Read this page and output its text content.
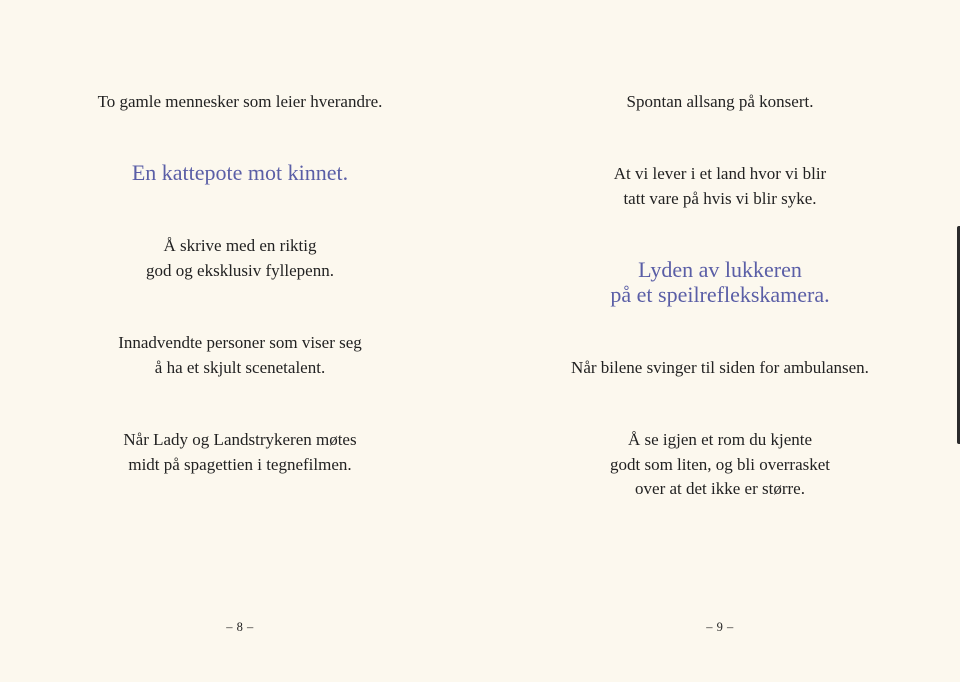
To gamle mennesker som leier hverandre.
En kattepote mot kinnet.
Å skrive med en riktig
god og eksklusiv fyllepenn.
Innadvendte personer som viser seg
å ha et skjult scenetalent.
Når Lady og Landstrykeren møtes
midt på spagettien i tegnefilmen.
– 8 –
Spontan allsang på konsert.
At vi lever i et land hvor vi blir
tatt vare på hvis vi blir syke.
Lyden av lukkeren
på et speilreflekskamera.
Når bilene svinger til siden for ambulansen.
Å se igjen et rom du kjente
godt som liten, og bli overrasket
over at det ikke er større.
– 9 –
